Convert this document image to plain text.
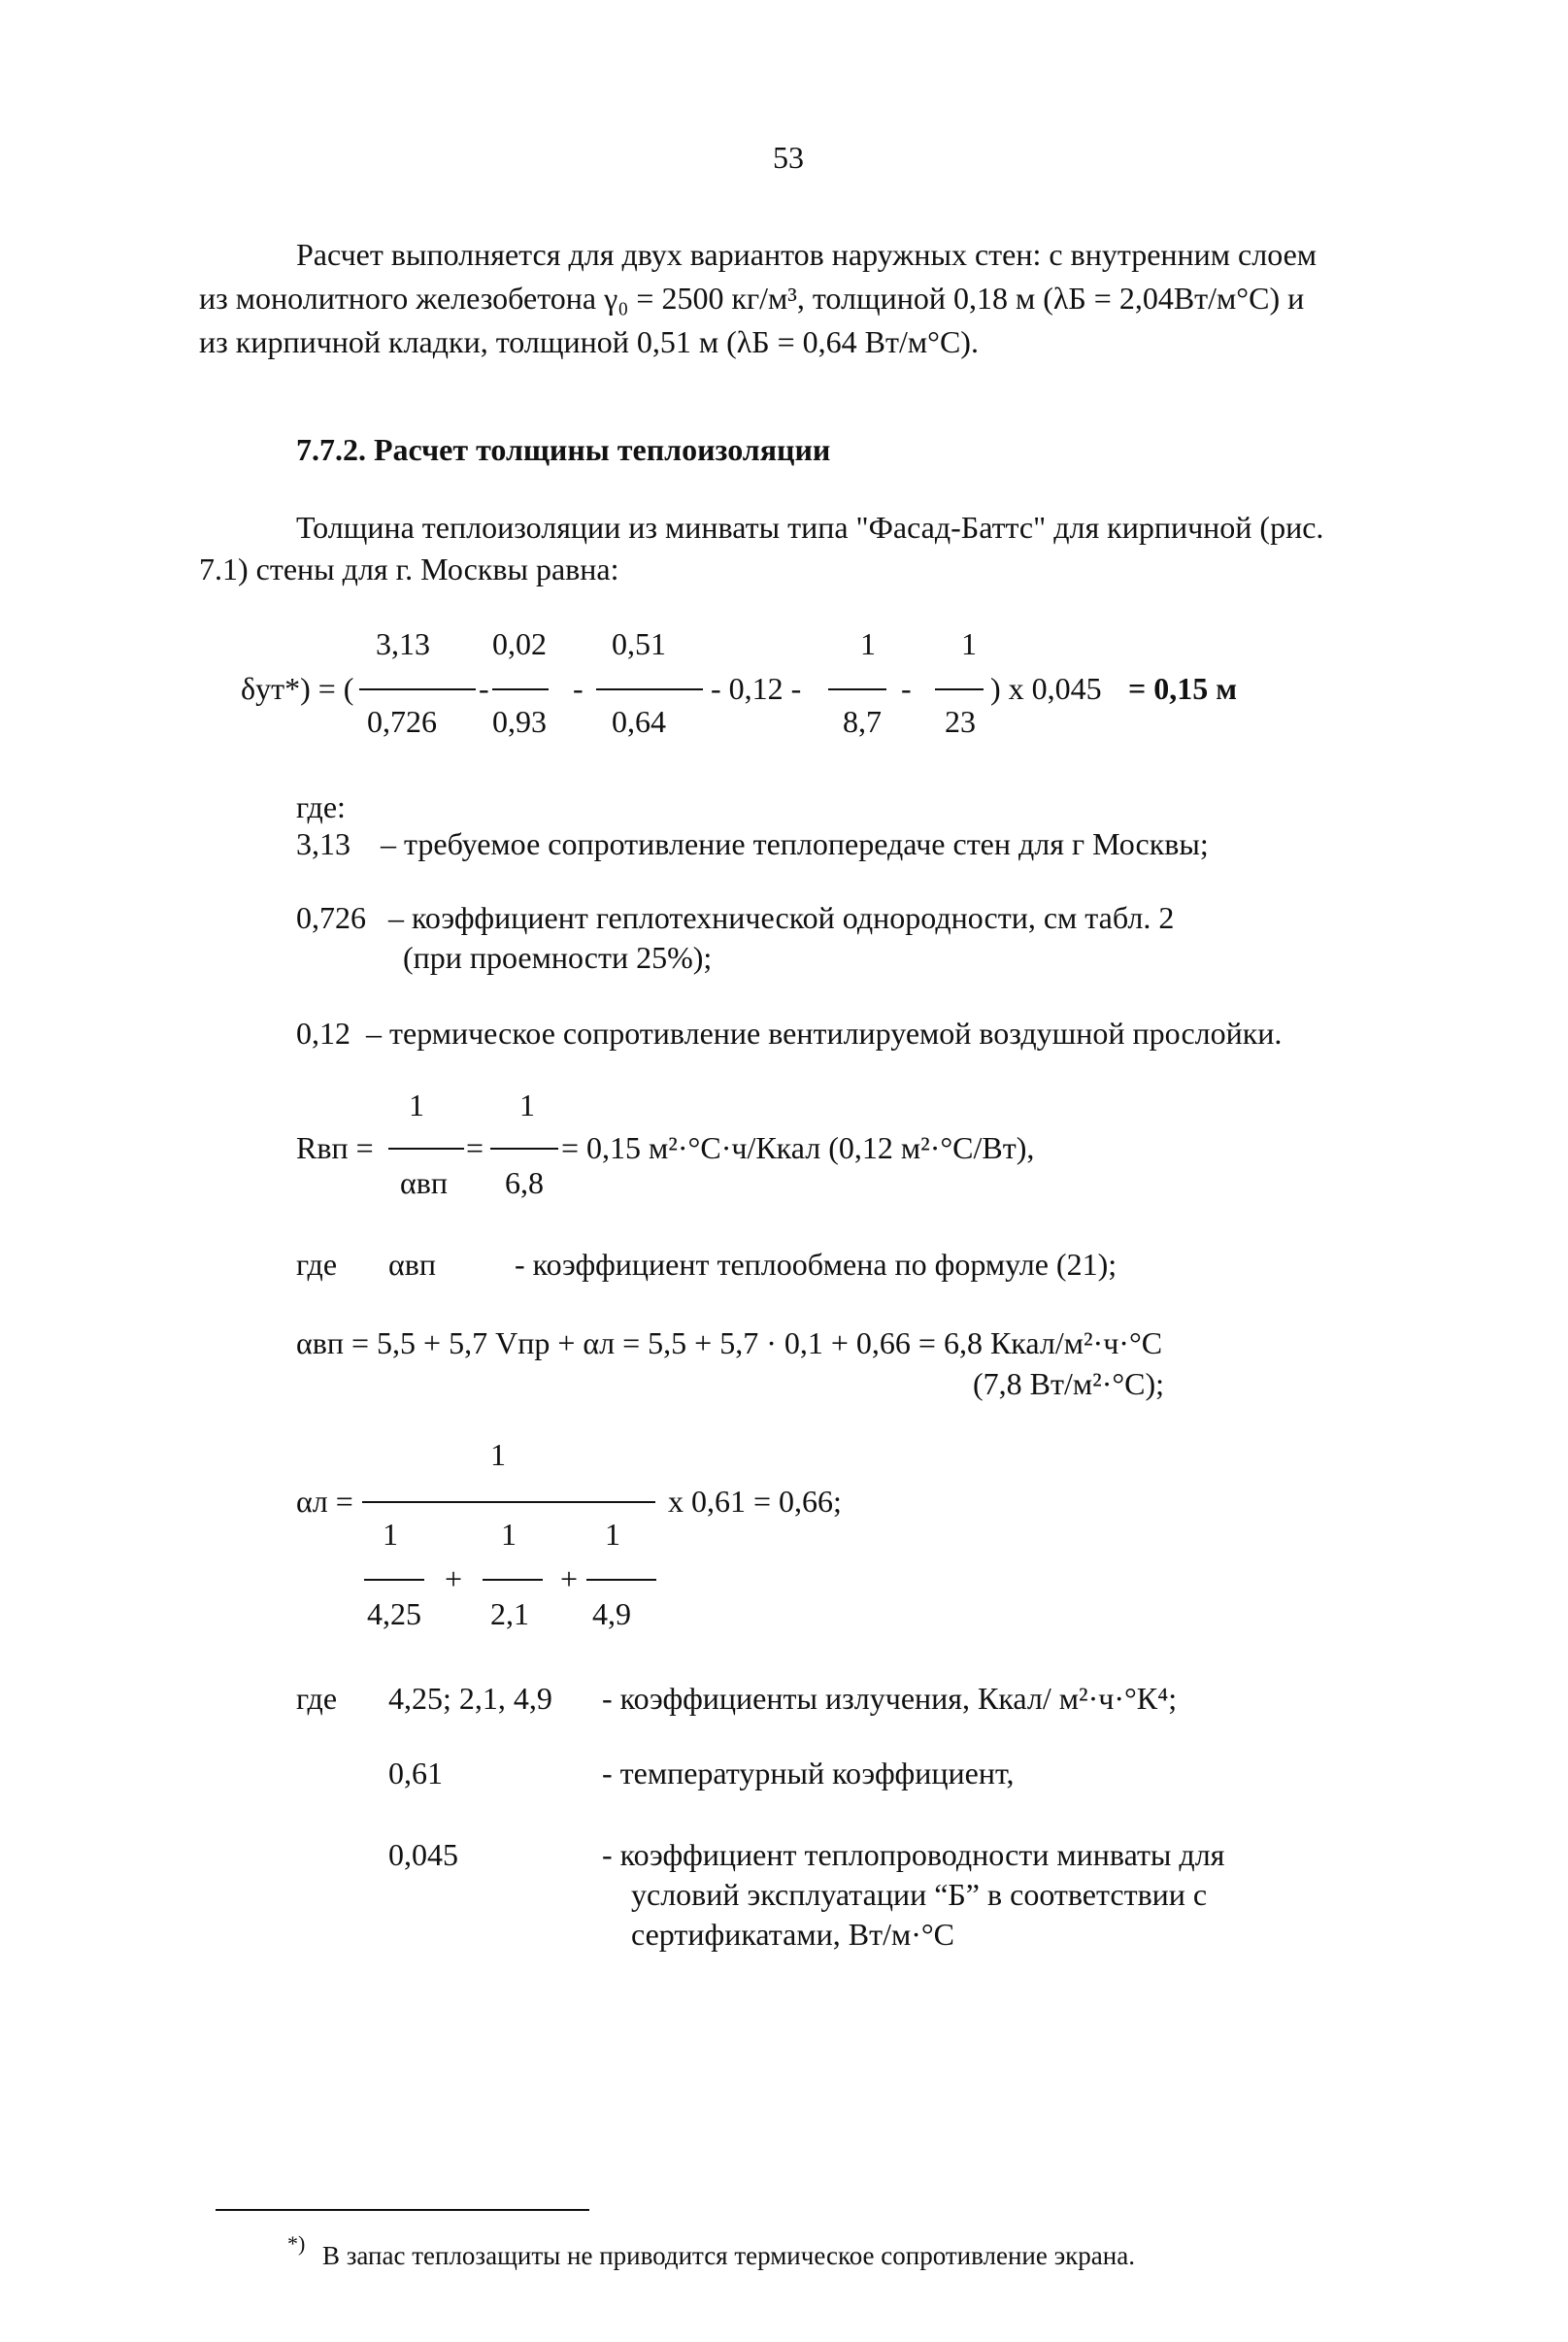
53
Расчет выполняется для двух вариантов наружных стен: с внутренним слоем
из монолитного железобетона γ₀ = 2500 кг/м³, толщиной 0,18 м (λБ = 2,04Вт/м°С) и
из кирпичной кладки, толщиной 0,51 м (λБ = 0,64 Вт/м°С).
7.7.2. Расчет толщины теплоизоляции
Толщина теплоизоляции из минваты типа "Фасад-Баттс" для кирпичной (рис.
7.1) стены для г. Москвы равна:
δут*) = (
3,13
0,726
-
0,02
0,93
-
0,51
0,64
- 0,12 -
1
8,7
-
1
23
) x 0,045 = 0,15 м
где:
3,13 – требуемое сопротивление теплопередаче стен для г Москвы;
0,726 – коэффициент геплотехнической однородности, см табл. 2
(при проемности 25%);
0,12 – термическое сопротивление вентилируемой воздушной прослойки.
Rвп =
1
αвп
=
1
6,8
= 0,15 м²·°С·ч/Ккал (0,12 м²·°С/Вт),
где αвп	- коэффициент теплообмена по формуле (21);
αвп = 5,5 + 5,7 Vпр + αл = 5,5 + 5,7 · 0,1 + 0,66 = 6,8 Ккал/м²·ч·°С
(7,8 Вт/м²·°С);
1
αл =	x 0,61 = 0,66;
1
4,25
+
1
2,1
+
1
4,9
где 4,25; 2,1, 4,9 - коэффициенты излучения, Ккал/ м²·ч·°К⁴;
0,61	- температурный коэффициент,
0,045	- коэффициент теплопроводности минваты для
условий эксплуатации “Б” в соответствии с
сертификатами, Вт/м·°С
*) В запас теплозащиты не приводится термическое сопротивление экрана.
